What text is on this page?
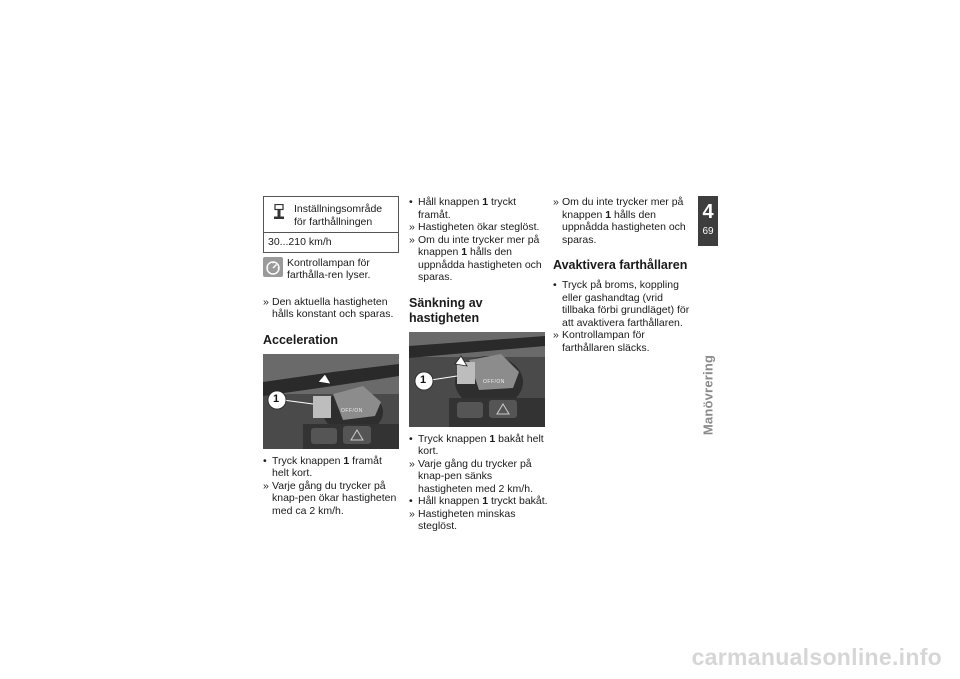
Inställningsområde för farthållningen
30...210 km/h
Kontrollampan för farthålla-ren lyser.
» Den aktuella hastigheten hålls konstant och sparas.
Acceleration
1
OFF/ON
• Tryck knappen 1 framåt helt kort.
» Varje gång du trycker på knap-pen ökar hastigheten med ca 2 km/h.
• Håll knappen 1 tryckt framåt.
» Hastigheten ökar steglöst.
» Om du inte trycker mer på knappen 1 hålls den uppnådda hastigheten och sparas.
Sänkning av hastigheten
1	OFF/ON
• Tryck knappen 1 bakåt helt kort.
» Varje gång du trycker på knap-pen sänks hastigheten med 2 km/h.
• Håll knappen 1 tryckt bakåt.
» Hastigheten minskas steglöst.
» Om du inte trycker mer på knappen 1 hålls den uppnådda hastigheten och sparas.
Avaktivera farthållaren
• Tryck på broms, koppling eller gashandtag (vrid tillbaka förbi grundläget) för att avaktivera farthållaren.
» Kontrollampan för farthållaren släcks.
4
69
Manövrering
carmanualsonline.info
